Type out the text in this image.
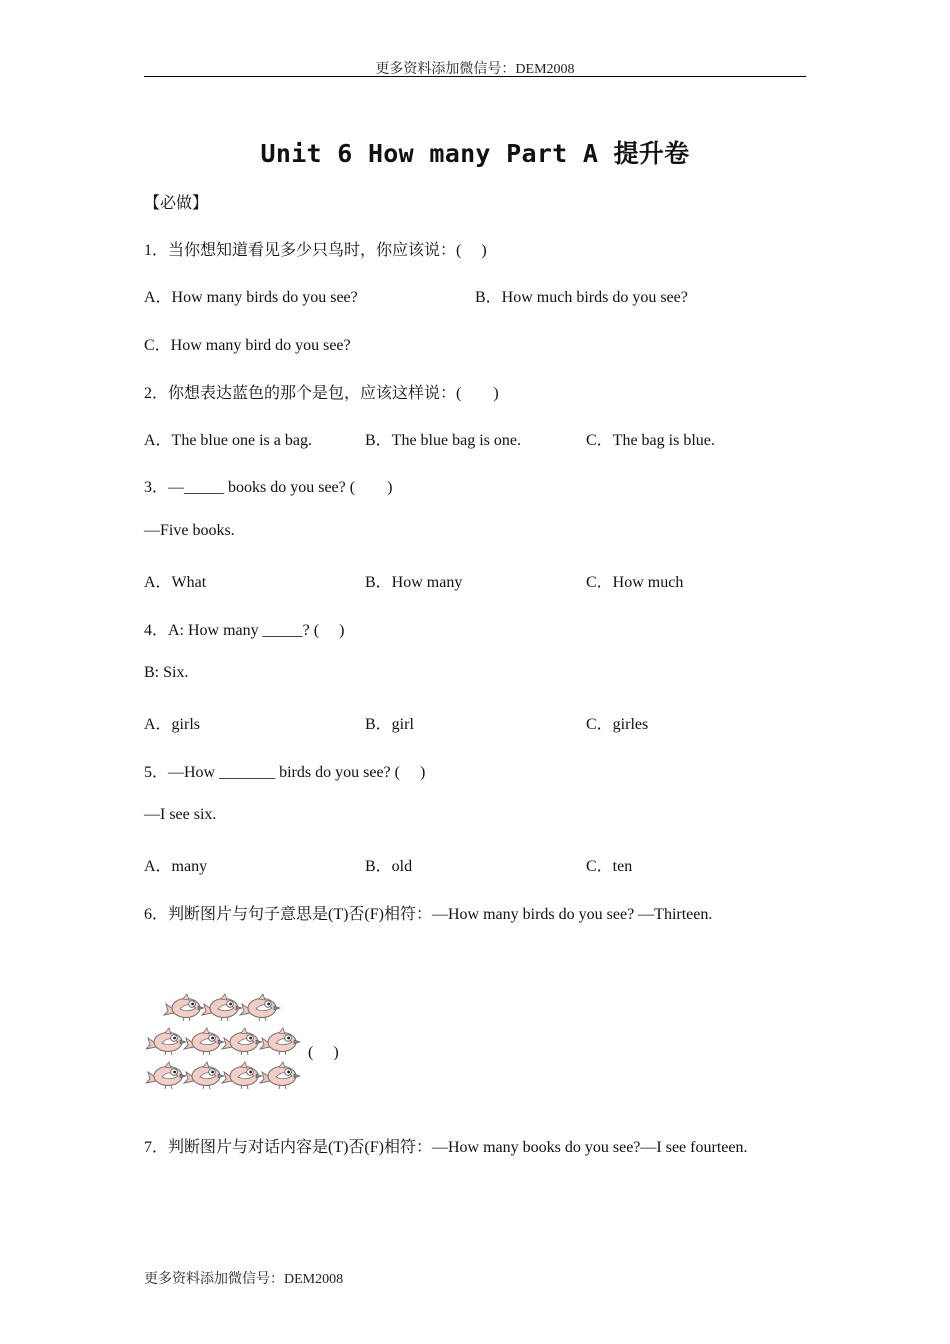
更多资料添加微信号：DEM2008
Unit 6 How many Part A 提升卷
【必做】
1．当你想知道看见多少只鸟时，你应该说：(　 )
A．How many birds do you see?	B．How much birds do you see?
C．How many bird do you see?
2．你想表达蓝色的那个是包，应该这样说：(　　)
A．The blue one is a bag.	B．The blue bag is one.	C．The bag is blue.
3．—_____ books do you see? (　　)
—Five books.
A．What	B．How many	C．How much
4．A: How many _____? (　 )
B: Six.
A．girls	B．girl	C．girles
5．—How _______ birds do you see? (　 )
—I see six.
A．many	B．old	C．ten
6．判断图片与句子意思是(T)否(F)相符：—How many birds do you see? —Thirteen.
(　 )
7．判断图片与对话内容是(T)否(F)相符：—How many books do you see?—I see fourteen.
更多资料添加微信号：DEM2008
